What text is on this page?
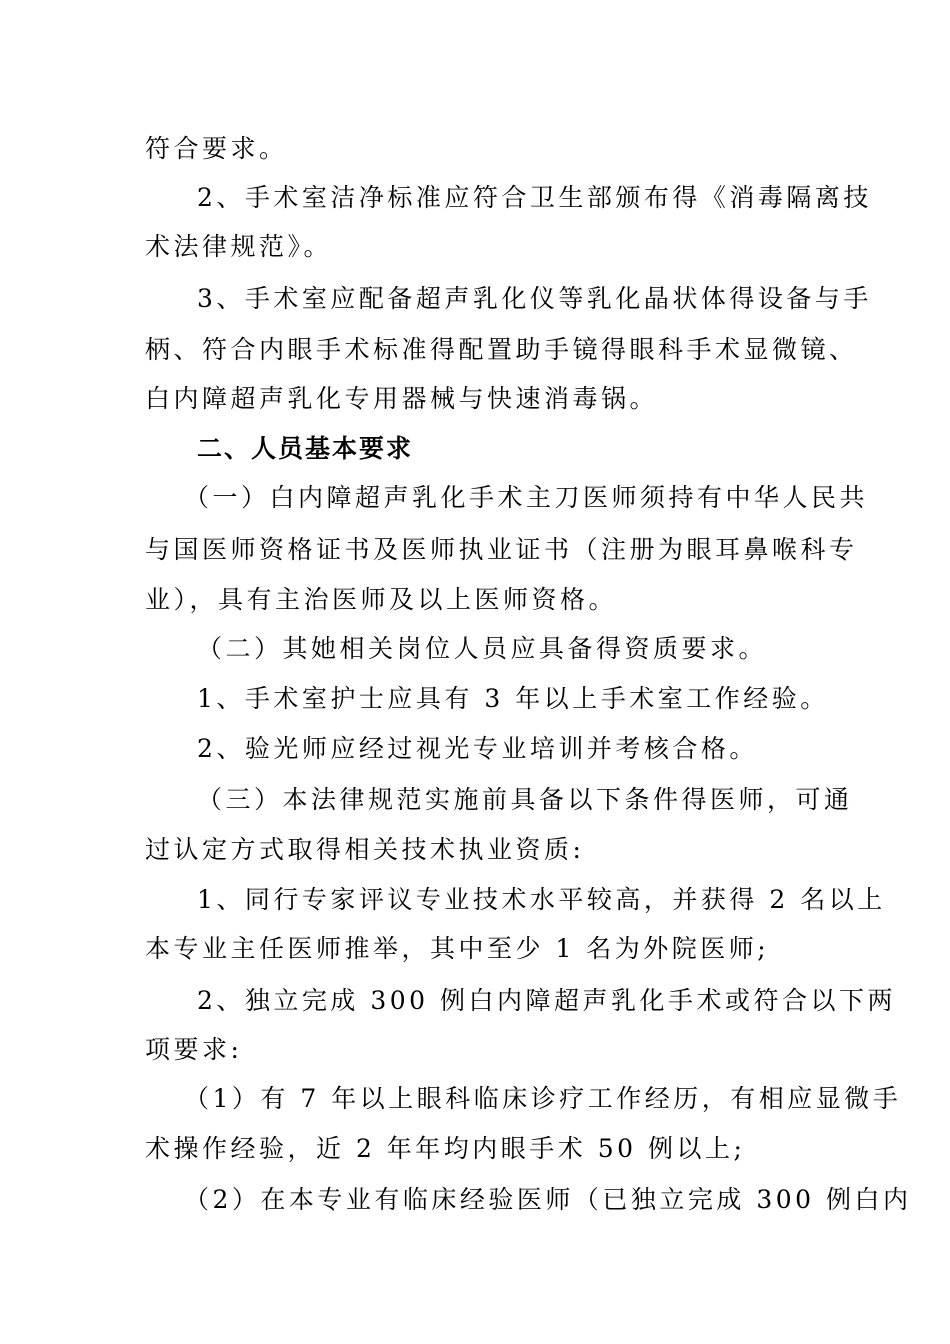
符合要求。
2、手术室洁净标准应符合卫生部颁布得《消毒隔离技
术法律规范》。
3、手术室应配备超声乳化仪等乳化晶状体得设备与手
柄、符合内眼手术标准得配置助手镜得眼科手术显微镜、
白内障超声乳化专用器械与快速消毒锅。
二、人员基本要求
（一）白内障超声乳化手术主刀医师须持有中华人民共
与国医师资格证书及医师执业证书（注册为眼耳鼻喉科专
业），具有主治医师及以上医师资格。
（二）其她相关岗位人员应具备得资质要求。
1、手术室护士应具有 3 年以上手术室工作经验。
2、验光师应经过视光专业培训并考核合格。
（三）本法律规范实施前具备以下条件得医师，可通
过认定方式取得相关技术执业资质:
1、同行专家评议专业技术水平较高，并获得 2 名以上
本专业主任医师推举，其中至少 1 名为外院医师;
2、独立完成 300 例白内障超声乳化手术或符合以下两
项要求:
（1）有 7 年以上眼科临床诊疗工作经历，有相应显微手
术操作经验，近 2 年年均内眼手术 50 例以上;
（2）在本专业有临床经验医师（已独立完成 300 例白内
